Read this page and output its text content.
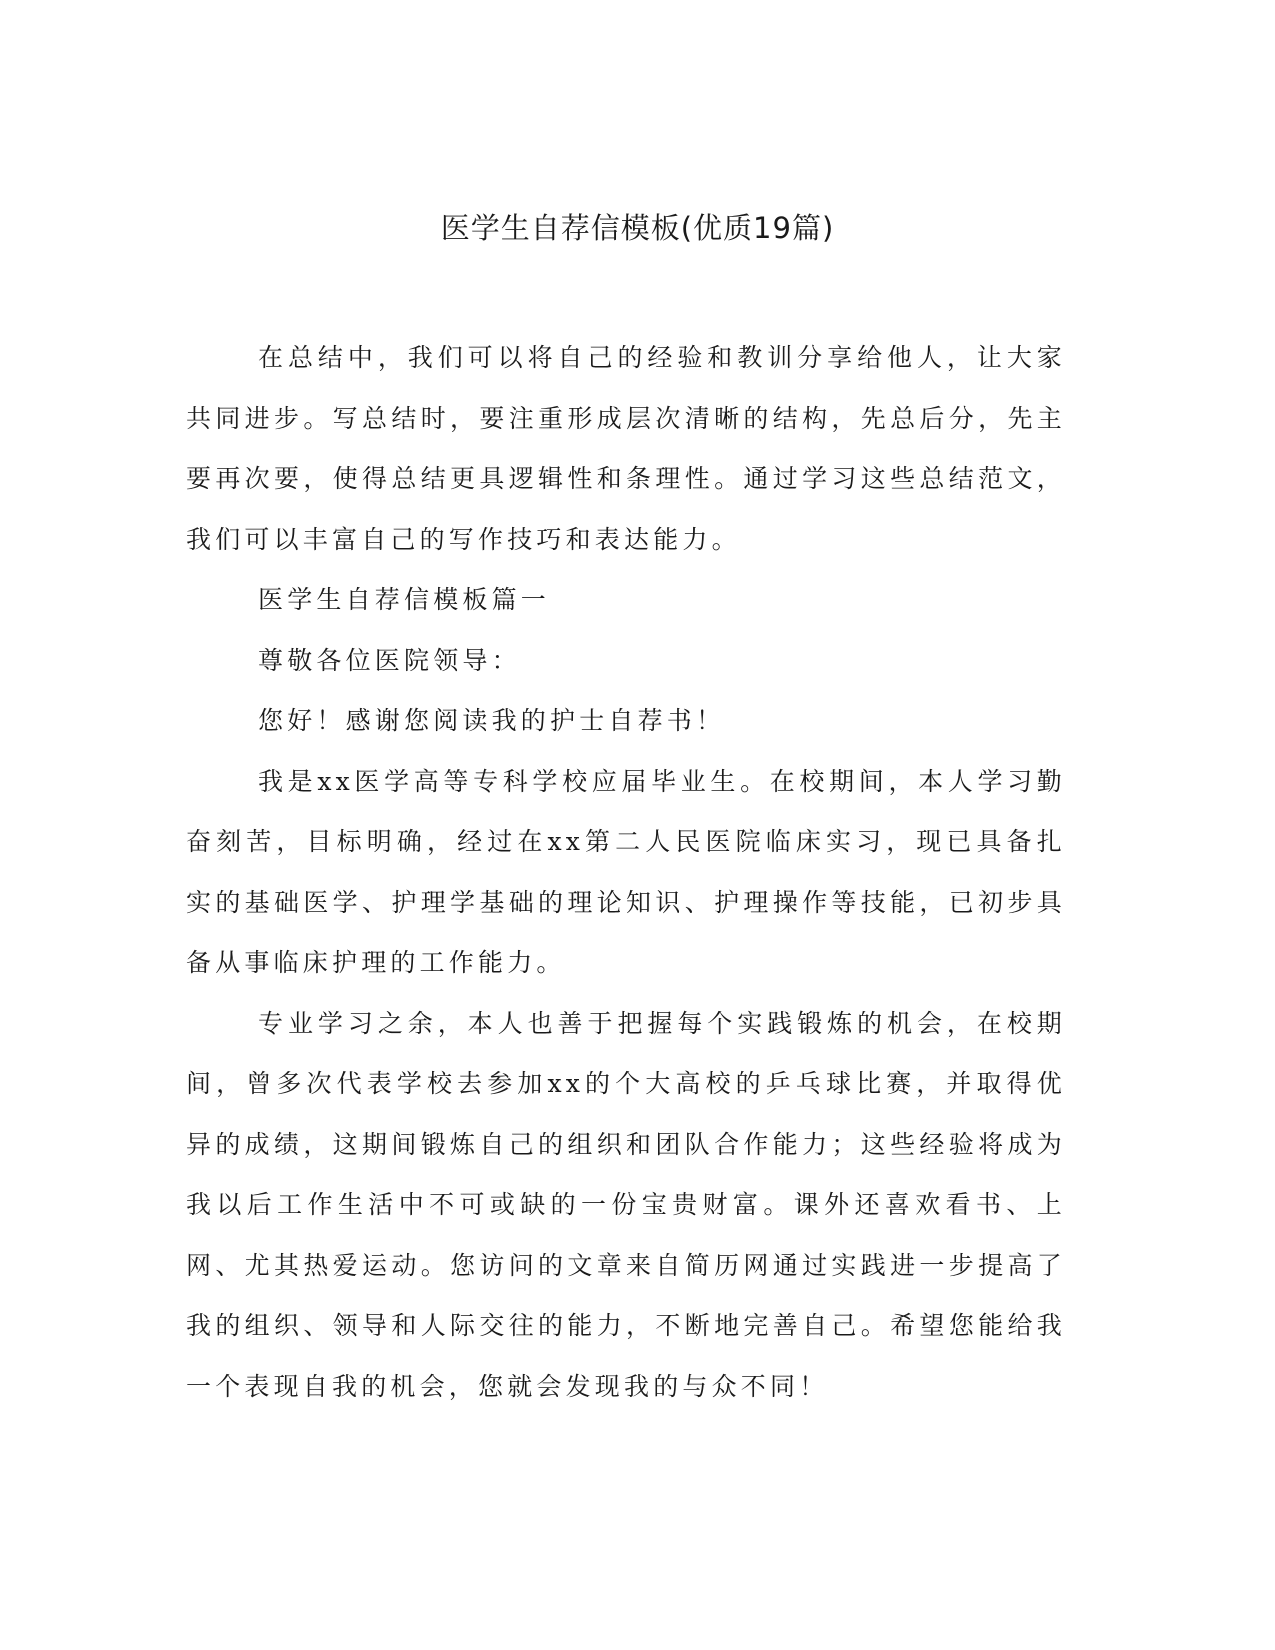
医学生自荐信模板(优质19篇)

在总结中，我们可以将自己的经验和教训分享给他人，让大家共同进步。写总结时，要注重形成层次清晰的结构，先总后分，先主要再次要，使得总结更具逻辑性和条理性。通过学习这些总结范文，我们可以丰富自己的写作技巧和表达能力。

医学生自荐信模板篇一

尊敬各位医院领导：

您好！感谢您阅读我的护士自荐书！

我是xx医学高等专科学校应届毕业生。在校期间，本人学习勤奋刻苦，目标明确，经过在xx第二人民医院临床实习，现已具备扎实的基础医学、护理学基础的理论知识、护理操作等技能，已初步具备从事临床护理的工作能力。

专业学习之余，本人也善于把握每个实践锻炼的机会，在校期间，曾多次代表学校去参加xx的个大高校的乒乓球比赛，并取得优异的成绩，这期间锻炼自己的组织和团队合作能力；这些经验将成为我以后工作生活中不可或缺的一份宝贵财富。课外还喜欢看书、上网、尤其热爱运动。您访问的文章来自简历网通过实践进一步提高了我的组织、领导和人际交往的能力，不断地完善自己。希望您能给我一个表现自我的机会，您就会发现我的与众不同！
